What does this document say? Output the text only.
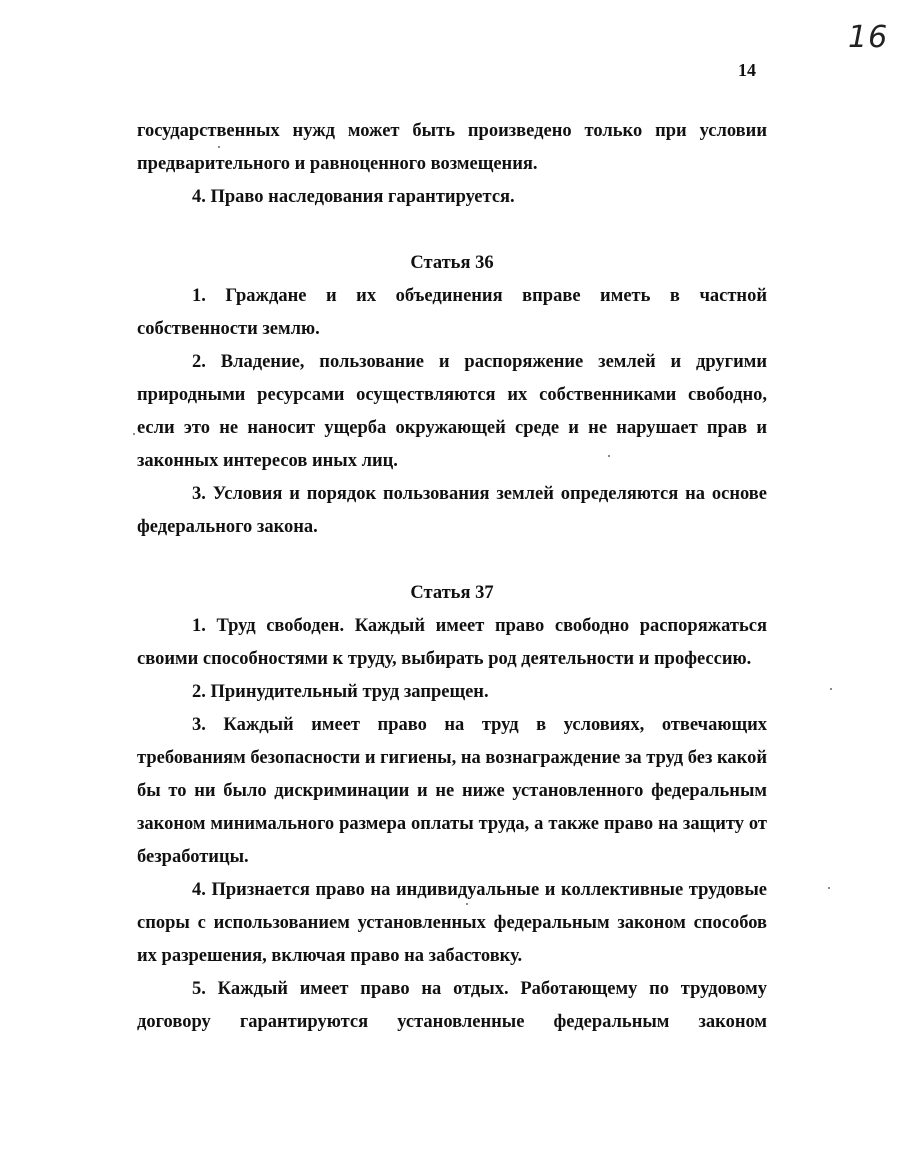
16
14

государственных нужд может быть произведено только при условии

предварительного и равноценного возмещения.

4. Право наследования гарантируется.

Статья 36

1. Граждане и их объединения вправе иметь в частной собственности землю.

2. Владение, пользование и распоряжение землей и другими природными ресурсами осуществляются их собственниками свободно, если это не наносит ущерба окружающей среде и не нарушает прав и законных интересов иных лиц.

3. Условия и порядок пользования землей определяются на основе федерального закона.

Статья 37

1. Труд свободен. Каждый имеет право свободно распоряжаться своими способностями к труду, выбирать род деятельности и профессию.

2. Принудительный труд запрещен.

3. Каждый имеет право на труд в условиях, отвечающих требованиям безопасности и гигиены, на вознаграждение за труд без какой бы то ни было дискриминации и не ниже установленного федеральным законом минимального размера оплаты труда, а также право на защиту от безработицы.

4. Признается право на индивидуальные и коллективные трудовые споры с использованием установленных федеральным законом способов их разрешения, включая право на забастовку.

5. Каждый имеет право на отдых. Работающему по трудовому договору гарантируются установленные федеральным законом
